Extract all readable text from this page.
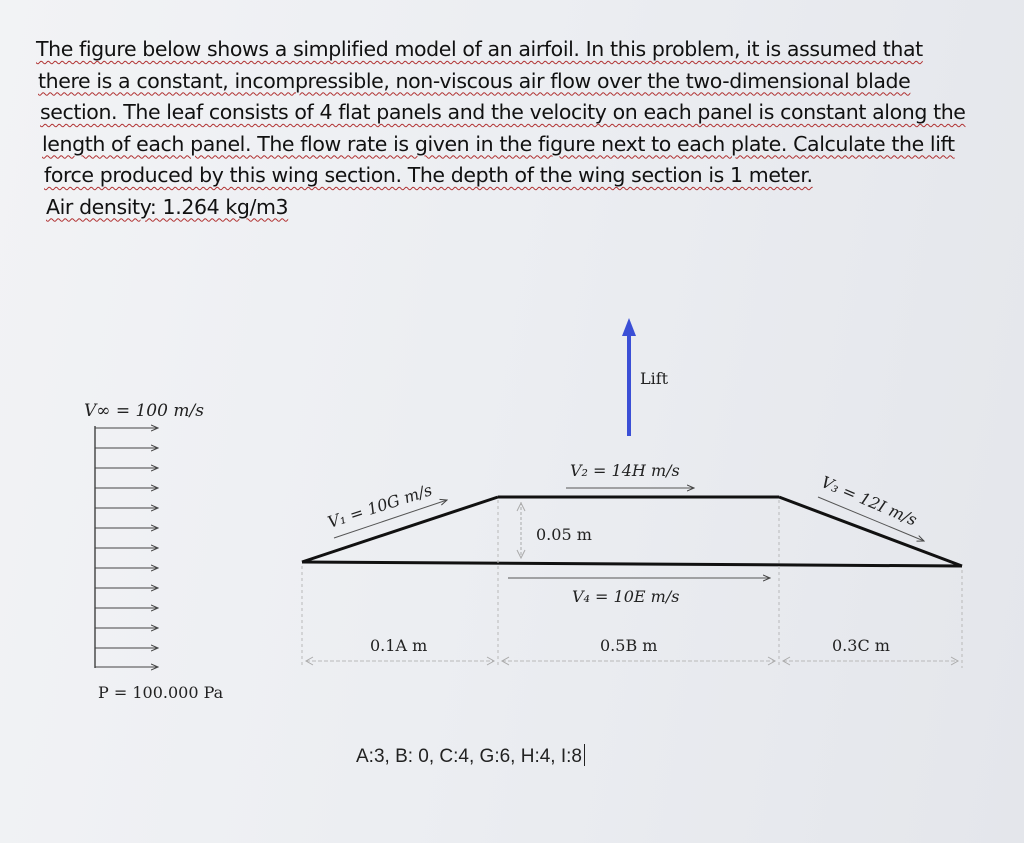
The figure below shows a simplified model of an airfoil. In this problem, it is assumed that
there is a constant, incompressible, non-viscous air flow over the two-dimensional blade
section. The leaf consists of 4 flat panels and the velocity on each panel is constant along the
length of each panel. The flow rate is given in the figure next to each plate. Calculate the lift
force produced by this wing section. The depth of the wing section is 1 meter.
Air density: 1.264 kg/m3
V∞ = 100 m/s
P = 100.000 Pa
Lift
V₁ = 10G m/s
V₂ = 14H m/s
V₃ = 12I m/s
V₄ = 10E m/s
0.05 m
0.1A m	0.5B m	0.3C m
A:3, B: 0, C:4, G:6, H:4, I:8
